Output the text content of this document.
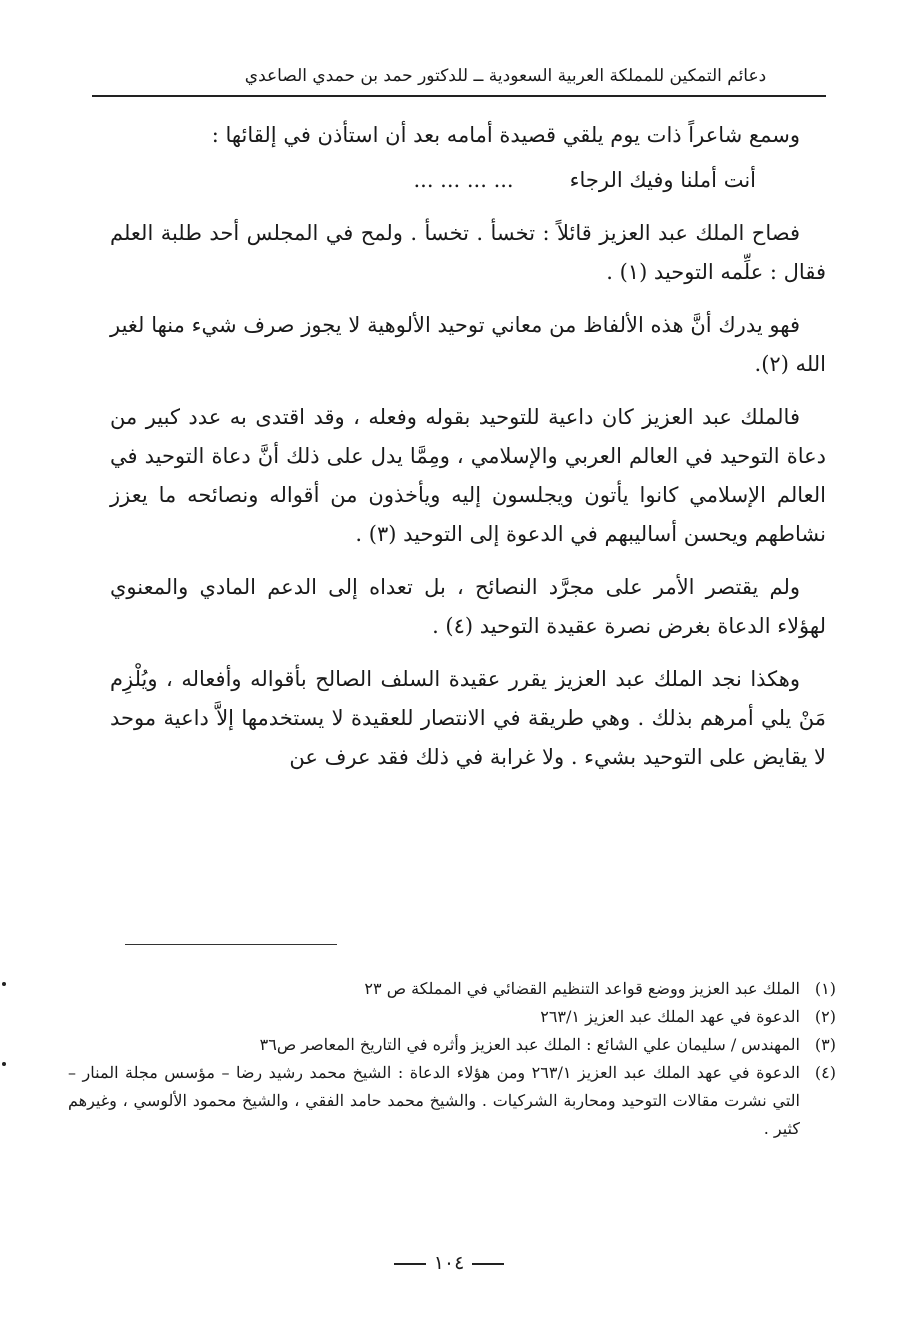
دعائم التمكين للمملكة العربية السعودية ــ للدكتور حمد بن حمدي الصاعدي

وسمع شاعراً ذات يوم يلقي قصيدة أمامه بعد أن استأذن في إلقائها :

أنت أملنا وفيك الرجاء... ... ... ...

فصاح الملك عبد العزيز قائلاً : تخسأ . تخسأ . ولمح في المجلس أحد طلبة العلم فقال : علِّمه التوحيد (١) .

فهو يدرك أنَّ هذه الألفاظ من معاني توحيد الألوهية لا يجوز صرف شيء منها لغير الله (٢).

فالملك عبد العزيز كان داعية للتوحيد بقوله وفعله ، وقد اقتدى به عدد كبير من دعاة التوحيد في العالم العربي والإسلامي ، ومِمَّا يدل على ذلك أنَّ دعاة التوحيد في العالم الإسلامي كانوا يأتون ويجلسون إليه ويأخذون من أقواله ونصائحه ما يعزز نشاطهم ويحسن أساليبهم في الدعوة إلى التوحيد (٣) .

ولم يقتصر الأمر على مجرَّد النصائح ، بل تعداه إلى الدعم المادي والمعنوي لهؤلاء الدعاة بغرض نصرة عقيدة التوحيد (٤) .

وهكذا نجد الملك عبد العزيز يقرر عقيدة السلف الصالح بأقواله وأفعاله ، ويُلْزِم مَنْ يلي أمرهم بذلك . وهي طريقة في الانتصار للعقيدة لا يستخدمها إلاَّ داعية موحد لا يقايض على التوحيد بشيء . ولا غرابة في ذلك فقد عرف عن

(١)
الملك عبد العزيز ووضع قواعد التنظيم القضائي في المملكة ص ٢٣
(٢)
الدعوة في عهد الملك عبد العزيز ٢٦٣/١
(٣)
المهندس / سليمان علي الشائع : الملك عبد العزيز وأثره في التاريخ المعاصر ص٣٦
(٤)
الدعوة في عهد الملك عبد العزيز ٢٦٣/١ ومن هؤلاء الدعاة : الشيخ محمد رشيد رضا – مؤسس مجلة المنار – التي نشرت مقالات التوحيد ومحاربة الشركيات . والشيخ محمد حامد الفقي ، والشيخ محمود الألوسي ، وغيرهم كثير .
١٠٤
